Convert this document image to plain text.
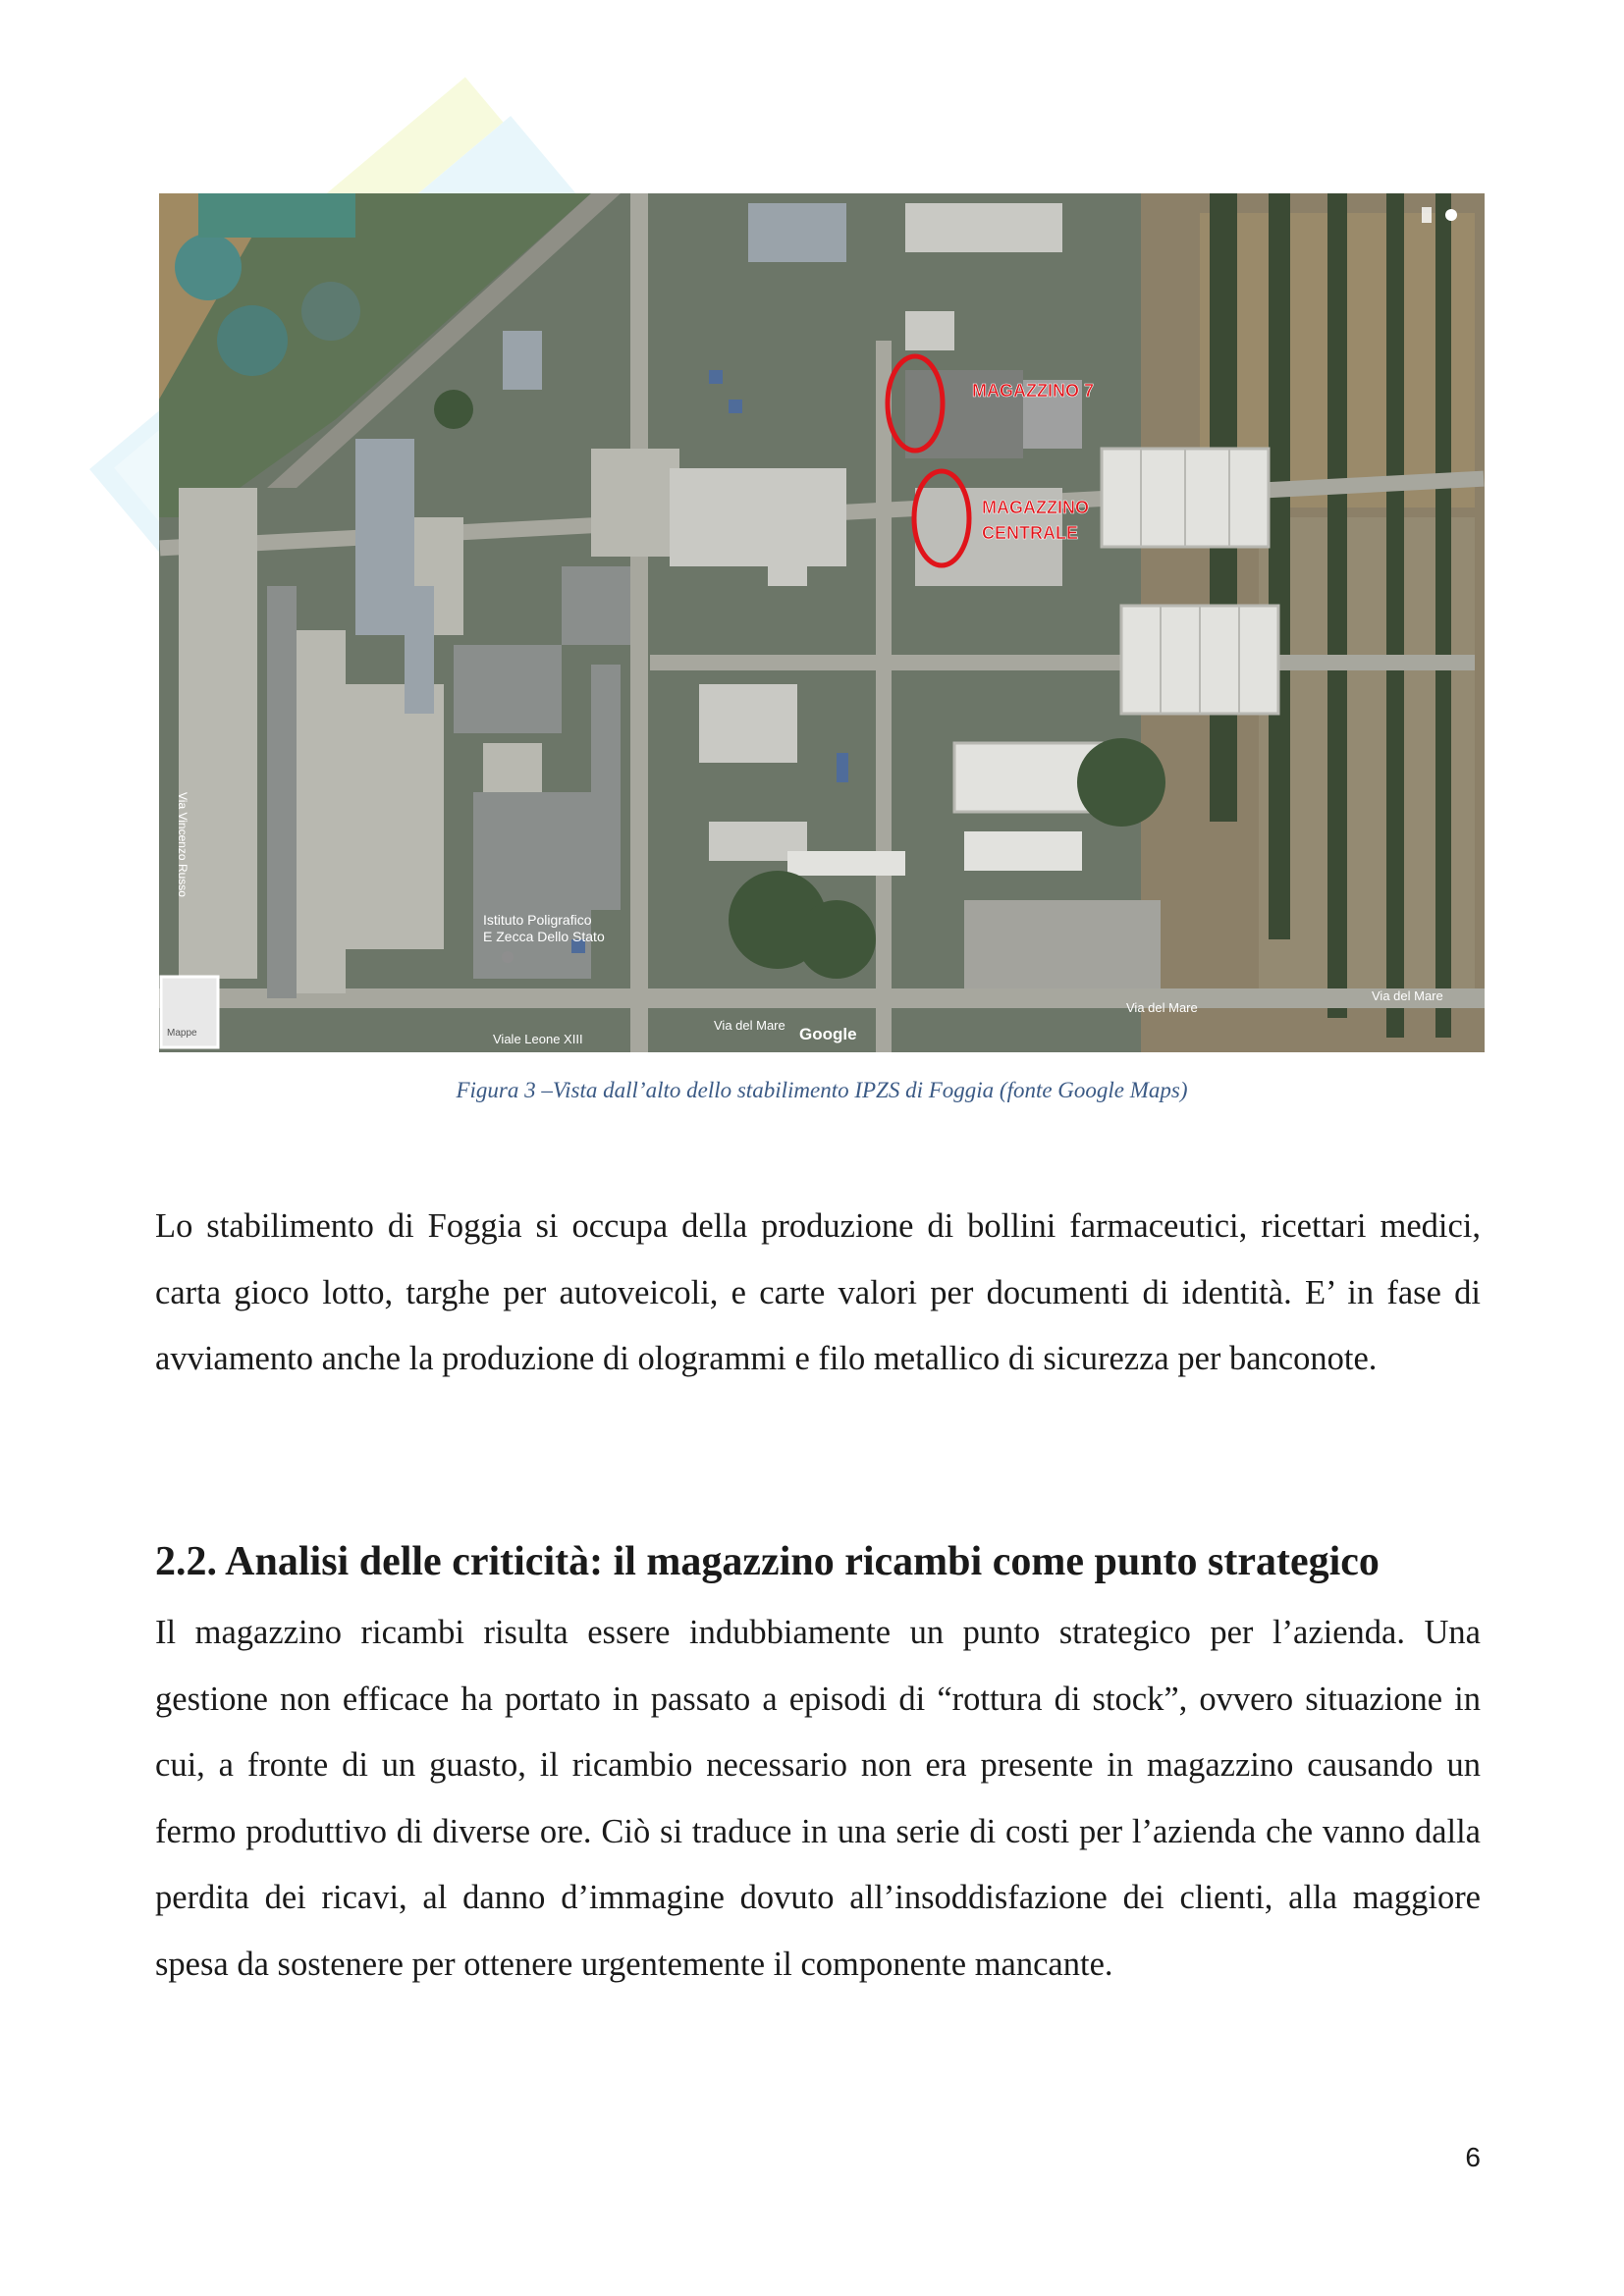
MAGAZZINO 7
MAGAZZINO
CENTRALE
Istituto Poligrafico
E Zecca Dello Stato
Via del Mare
Via del Mare
Via del Mare
Viale Leone XIII
Via Vincenzo Russo
Google
Mappe
Figura 3 –Vista dall’alto dello stabilimento IPZS di Foggia (fonte Google Maps)

Lo stabilimento di Foggia si occupa della produzione di bollini farmaceutici, ricettari medici, carta gioco lotto, targhe per autoveicoli, e carte valori per documenti di identità. E’ in fase di avviamento anche la produzione di ologrammi e filo metallico di sicurezza per banconote.

2.2. Analisi delle criticità: il magazzino ricambi come punto strategico

Il magazzino ricambi risulta essere indubbiamente un punto strategico per l’azienda. Una gestione non efficace ha portato in passato a episodi di “rottura di stock”, ovvero situazione in cui, a fronte di un guasto, il ricambio necessario non era presente in magazzino causando un fermo produttivo di diverse ore. Ciò si traduce in una serie di costi per l’azienda che vanno dalla perdita dei ricavi, al danno d’immagine dovuto all’insoddisfazione dei clienti, alla maggiore spesa da sostenere per ottenere urgentemente il componente mancante.

6
